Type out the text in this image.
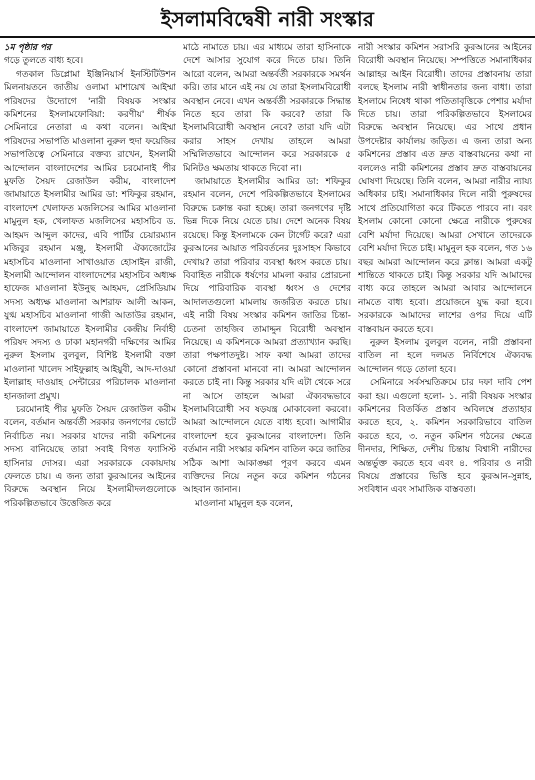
ইসলামবিদ্বেষী নারী সংস্কার

১ম পৃষ্ঠার পর

গড়ে তুলতে বাধ্য হবে।

গতকাল ডিপ্লোমা ইঞ্জিনিয়ার্স ইনস্টিটিউশন মিলনায়তনে জাতীয় ওলামা মাশায়েখ আইম্মা পরিষদের উদ্যোগে 'নারী বিষয়ক সংস্কার কমিশনের ইসলামফোবিয়া: করণীয়' শীর্ষক সেমিনারে নেতারা এ কথা বলেন। আইম্মা পরিষদের সভাপতি মাওলানা নুরুল হুদা ফয়েজির সভাপতিত্বে সেমিনারে বক্তব্য রাখেন, ইসলামী আন্দোলন বাংলাদেশের আমির চরমোনাই পীর মুফতি সৈয়দ রেজাউল করীম, বাংলাদেশ জামায়াতে ইসলামীর আমির ডা: শফিকুর রহমান, বাংলাদেশ খেলাফত মজলিসের আমির মাওলানা মামুনুল হক, খেলাফত মজলিসের মহাসচিব ড. আহমদ আব্দুল কাদের, এবি পার্টির চেয়ারম্যান মজিবুর রহমান মঞ্জু, ইসলামী ঐক্যজোটের মহাসচিব মাওলানা সাখাওয়াত হোসাইন রাজী, ইসলামী আন্দোলন বাংলাদেশের মহাসচিব অধ্যক্ষ হাফেজ মাওলানা ইউনুছ আহমদ, প্রেসিডিয়াম সদস্য অধ্যক্ষ মাওলানা আশরাফ আলী আকন, যুগ্ম মহাসচিব মাওলানা গাজী আতাউর রহমান, বাংলাদেশ জামায়াতে ইসলামীর কেন্দ্রীয় নির্বাহী পরিষদ সদস্য ও ঢাকা মহানগরী দক্ষিণের আমির নুরুল ইসলাম বুলবুল, বিশিষ্ট ইসলামী বক্তা মাওলানা খালেদ সাইফুল্লাহ আইয়ুবী, আদ-দাওয়া ইলাল্লাহ দাওয়াহ সেন্টারের পরিচালক মাওলানা হানজালা প্রমুখ।

চরমোনাই পীর মুফতি সৈয়দ রেজাউল করীম বলেন, বর্তমান অন্তর্বর্তী সরকার জনগণের ভোটে নির্বাচিত নয়। সরকার যাদের নারী কমিশনের সদস্য বানিয়েছে তারা সবাই বিগত ফ্যাসিস্ট হাসিনার দোসর। এরা সরকারকে বেকায়দায় ফেলতে চায়। এ জন্য তারা কুরআনের আইনের বিরুদ্ধে অবস্থান নিয়ে ইসলামীদলগুলোকে পরিকল্পিতভাবে উত্তেজিত করে

মাঠে নামাতে চায়। এর মাধ্যমে তারা হাসিনাকে দেশে আসার সুযোগ করে দিতে চায়। তিনি আরো বলেন, আমরা অন্তর্বর্তী সরকারকে সমর্থন করি। তার মানে এই নয় যে তারা ইসলামবিরোধী অবস্থান নেবে। এখন অন্তর্বর্তী সরকারকে সিদ্ধান্ত নিতে হবে তারা কি করবে? তারা কি ইসলামবিরোধী অবস্থান নেবে? তারা যদি এটা করার সাহস দেখায় তাহলে আমরা সম্মিলিতভাবে আন্দোলন করে সরকারকে ৫ মিনিটও ক্ষমতায় থাকতে দিবো না।

জামায়াতে ইসলামীর আমির ডা: শফিকুর রহমান বলেন, দেশে পরিকল্পিতভাবে ইসলামের বিরুদ্ধে চক্রান্ত করা হচ্ছে। তারা জনগণের দৃষ্টি ভিন্ন দিকে নিয়ে যেতে চায়। দেশে অনেক বিষয় রয়েছে। কিন্তু ইসলামকে কেন টার্গেট করে? এরা কুরআনের আয়াত পরিবর্তনের দুঃসাহস কিভাবে দেখায়? তারা পরিবার ব্যবস্থা ধ্বংস করতে চায়। বিবাহিত নারীকে ধর্ষণের মামলা করার প্রোরচনা দিয়ে পারিবারিক ব্যবস্থা ধ্বংস ও দেশের আদালতগুলো মামলায় জর্জরিত করতে চায়। এই নারী বিষয় সংস্কার কমিশন জাতির চিন্তা-চেতনা তাহজিব তামাদ্দুন বিরোধী অবস্থান নিয়েছে। এ কমিশনকে আমরা প্রত্যাখ্যান করছি। তারা পক্ষপাতদুষ্ট। সাফ কথা আমরা তাদের কোনো প্রস্তাবনা মানবো না। আমরা আন্দোলন করতে চাই না। কিন্তু সরকার যদি এটা থেকে সরে না আসে তাহলে আমরা ঐক্যবদ্ধভাবে ইসলামবিরোধী সব ষড়যন্ত্র মোকাবেলা করবো। আমরা আন্দোলনে যেতে বাধ্য হবো। আগামীর বাংলাদেশ হবে কুরআনের বাংলাদেশ। তিনি বর্তমান নারী সংস্কার কমিশন বাতিল করে জাতির সঠিক আশা আকাঙ্ক্ষা পূরণ করবে এমন ব্যক্তিদের নিয়ে নতুন করে কমিশন গঠনের আহবান জানান।

মাওলানা মামুনুল হক বলেন,

নারী সংস্কার কমিশন সরাসরি কুরআনের আইনের বিরোধী অবস্থান নিয়েছে। সম্পত্তিতে সমানাধিকার আল্লাহর আইন বিরোধী। তাদের প্রস্তাবনায় তারা বলছে ইসলাম নারী স্বাধীনতার জন্য বাধা। তারা ইসলামে নিষেধ থাকা পতিতাবৃত্তিকে পেশার মর্যাদা দিতে চায়। তারা পরিকল্পিতভাবে ইসলামের বিরুদ্ধে অবস্থান নিয়েছে। এর সাথে প্রধান উপদেষ্টার কার্যালয় জড়িত। এ জন্য তারা অন্য কমিশনের প্রস্তাব এত দ্রুত বাস্তবায়নের কথা না বললেও নারী কমিশনের প্রস্তাব দ্রুত বাস্তবায়নের ঘোষণা দিয়েছে। তিনি বলেন, আমরা নারীর ন্যায্য অধিকার চাই। সমানাধিকার দিলে নারী পুরুষদের সাথে প্রতিযোগিতা করে টিকতে পারবে না। বরং ইসলাম কোনো কোনো ক্ষেত্রে নারীকে পুরুষের বেশি মর্যাদা দিয়েছে। আমরা সেখানে তাদেরকে বেশি মর্যাদা দিতে চাই। মামুনুল হক বলেন, গত ১৬ বছর আমরা আন্দোলন করে ক্লান্ত। আমরা একটু শান্তিতে থাকতে চাই। কিন্তু সরকার যদি আমাদের বাধ্য করে তাহলে আমরা আবার আন্দোলনে নামতে বাধ্য হবো। প্রয়োজনে যুদ্ধ করা হবে। সরকারকে আমাদের লাশের ওপর দিয়ে এটি বাস্তবায়ন করতে হবে।

নুরুল ইসলাম বুলবুল বলেন, নারী প্রস্তাবনা বাতিল না হলে দলমত নির্বিশেষে ঐক্যবদ্ধ আন্দোলন গড়ে তোলা হবে।

সেমিনারে সর্বসম্মতিক্রমে চার দফা দাবি পেশ করা হয়। এগুলো হলো- ১. নারী বিষয়ক সংস্কার কমিশনের বিতর্কিত প্রস্তাব অবিলম্বে প্রত্যাহার করতে হবে, ২. কমিশন সরকারিভাবে বাতিল করতে হবে, ৩. নতুন কমিশন গঠনের ক্ষেত্রে দীনদার, শিক্ষিত, দেশীয় চিন্তায় বিশ্বাসী নারীদের অন্তর্ভুক্ত করতে হবে এবং ৪. পরিবার ও নারী বিষয়ে প্রস্তাবের ভিত্তি হবে কুরআন-সুন্নাহ, সংবিধান এবং সামাজিক বাস্তবতা।
